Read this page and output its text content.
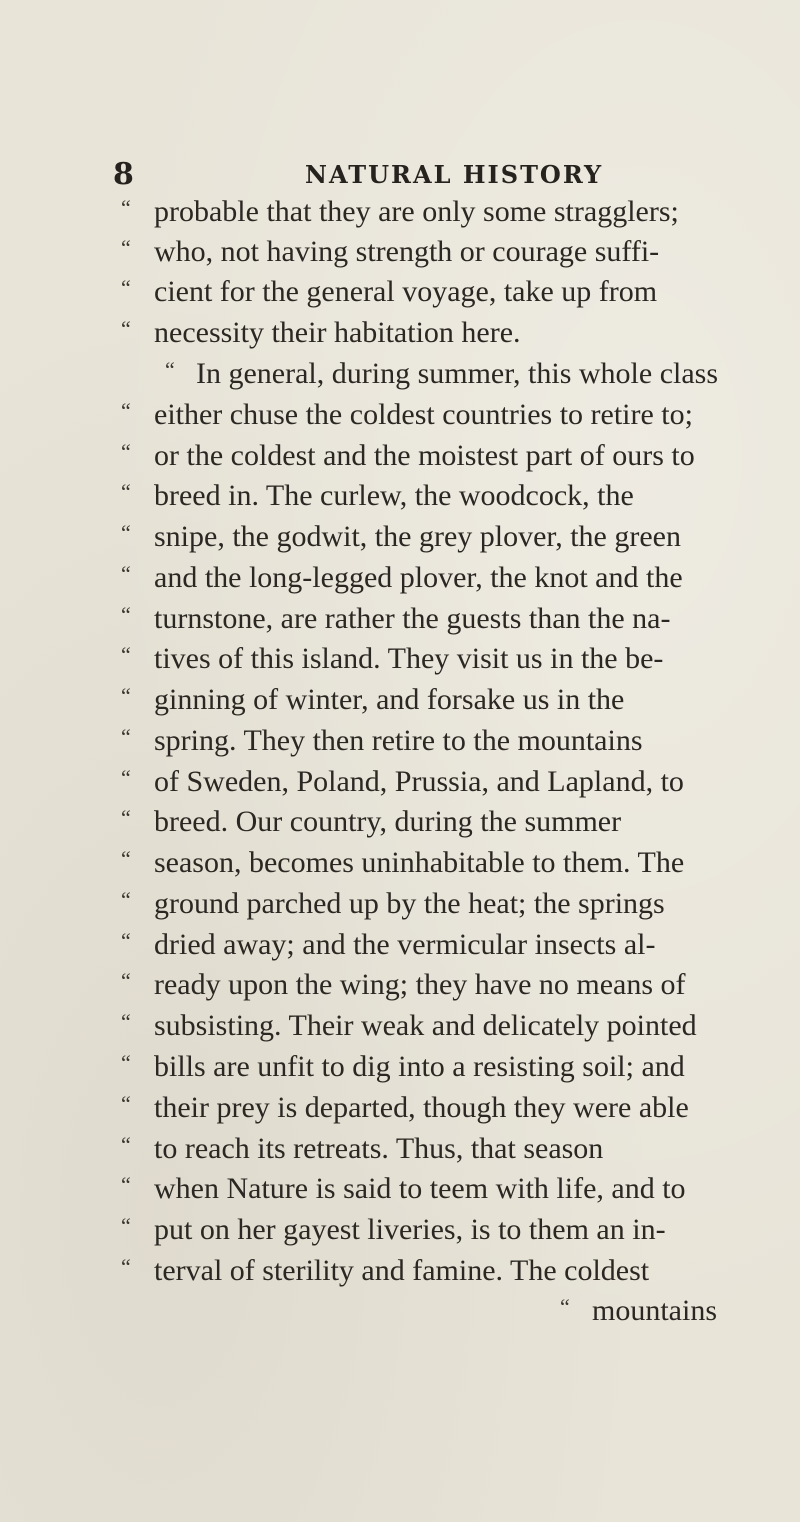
8	NATURAL HISTORY
“ probable that they are only some stragglers;
“ who, not having strength or courage suffi-
“ cient for the general voyage, take up from
“ necessity their habitation here.
“ In general, during summer, this whole class
“ either chuse the coldest countries to retire to;
“ or the coldest and the moistest part of ours to
“ breed in. The curlew, the woodcock, the
“ snipe, the godwit, the grey plover, the green
“ and the long-legged plover, the knot and the
“ turnstone, are rather the guests than the na-
“ tives of this island. They visit us in the be-
“ ginning of winter, and forsake us in the
“ spring. They then retire to the mountains
“ of Sweden, Poland, Prussia, and Lapland, to
“ breed. Our country, during the summer
“ season, becomes uninhabitable to them. The
“ ground parched up by the heat; the springs
“ dried away; and the vermicular insects al-
“ ready upon the wing; they have no means of
“ subsisting. Their weak and delicately pointed
“ bills are unfit to dig into a resisting soil; and
“ their prey is departed, though they were able
“ to reach its retreats. Thus, that season
“ when Nature is said to teem with life, and to
“ put on her gayest liveries, is to them an in-
“ terval of sterility and famine. The coldest
“ mountains
